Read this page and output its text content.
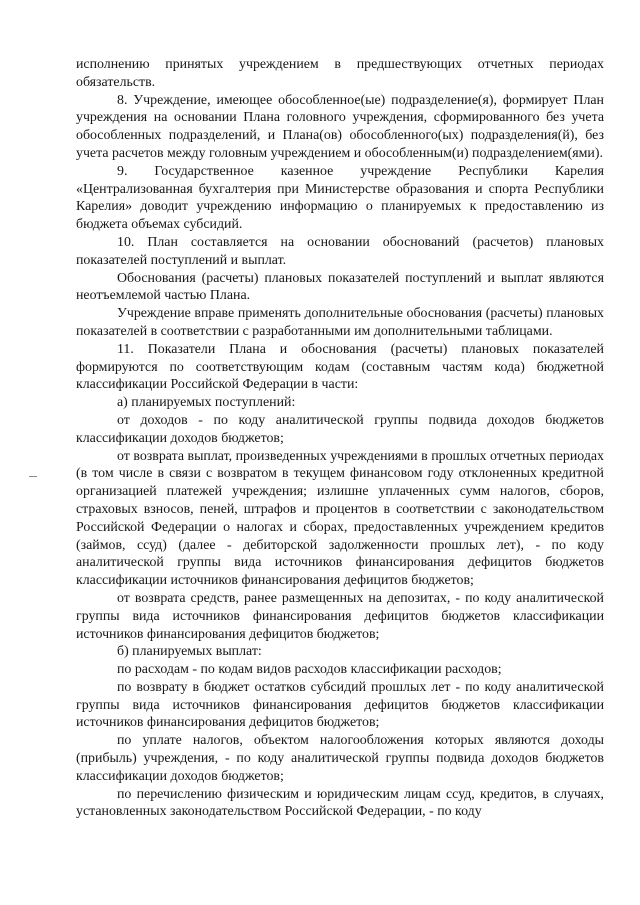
исполнению принятых учреждением в предшествующих отчетных периодах обязательств.

8. Учреждение, имеющее обособленное(ые) подразделение(я), формирует План учреждения на основании Плана головного учреждения, сформированного без учета обособленных подразделений, и Плана(ов) обособленного(ых) подразделения(й), без учета расчетов между головным учреждением и обособленным(и) подразделением(ями).

9. Государственное казенное учреждение Республики Карелия «Централизованная бухгалтерия при Министерстве образования и спорта Республики Карелия» доводит учреждению информацию о планируемых к предоставлению из бюджета объемах субсидий.

10. План составляется на основании обоснований (расчетов) плановых показателей поступлений и выплат.

Обоснования (расчеты) плановых показателей поступлений и выплат являются неотъемлемой частью Плана.

Учреждение вправе применять дополнительные обоснования (расчеты) плановых показателей в соответствии с разработанными им дополнительными таблицами.

11. Показатели Плана и обоснования (расчеты) плановых показателей формируются по соответствующим кодам (составным частям кода) бюджетной классификации Российской Федерации в части:

а) планируемых поступлений:

от доходов - по коду аналитической группы подвида доходов бюджетов классификации доходов бюджетов;

от возврата выплат, произведенных учреждениями в прошлых отчетных периодах (в том числе в связи с возвратом в текущем финансовом году отклоненных кредитной организацией платежей учреждения; излишне уплаченных сумм налогов, сборов, страховых взносов, пеней, штрафов и процентов в соответствии с законодательством Российской Федерации о налогах и сборах, предоставленных учреждением кредитов (займов, ссуд) (далее - дебиторской задолженности прошлых лет), - по коду аналитической группы вида источников финансирования дефицитов бюджетов классификации источников финансирования дефицитов бюджетов;

от возврата средств, ранее размещенных на депозитах, - по коду аналитической группы вида источников финансирования дефицитов бюджетов классификации источников финансирования дефицитов бюджетов;

б) планируемых выплат:

по расходам - по кодам видов расходов классификации расходов;

по возврату в бюджет остатков субсидий прошлых лет - по коду аналитической группы вида источников финансирования дефицитов бюджетов классификации источников финансирования дефицитов бюджетов;

по уплате налогов, объектом налогообложения которых являются доходы (прибыль) учреждения, - по коду аналитической группы подвида доходов бюджетов классификации доходов бюджетов;

по перечислению физическим и юридическим лицам ссуд, кредитов, в случаях, установленных законодательством Российской Федерации, - по коду
